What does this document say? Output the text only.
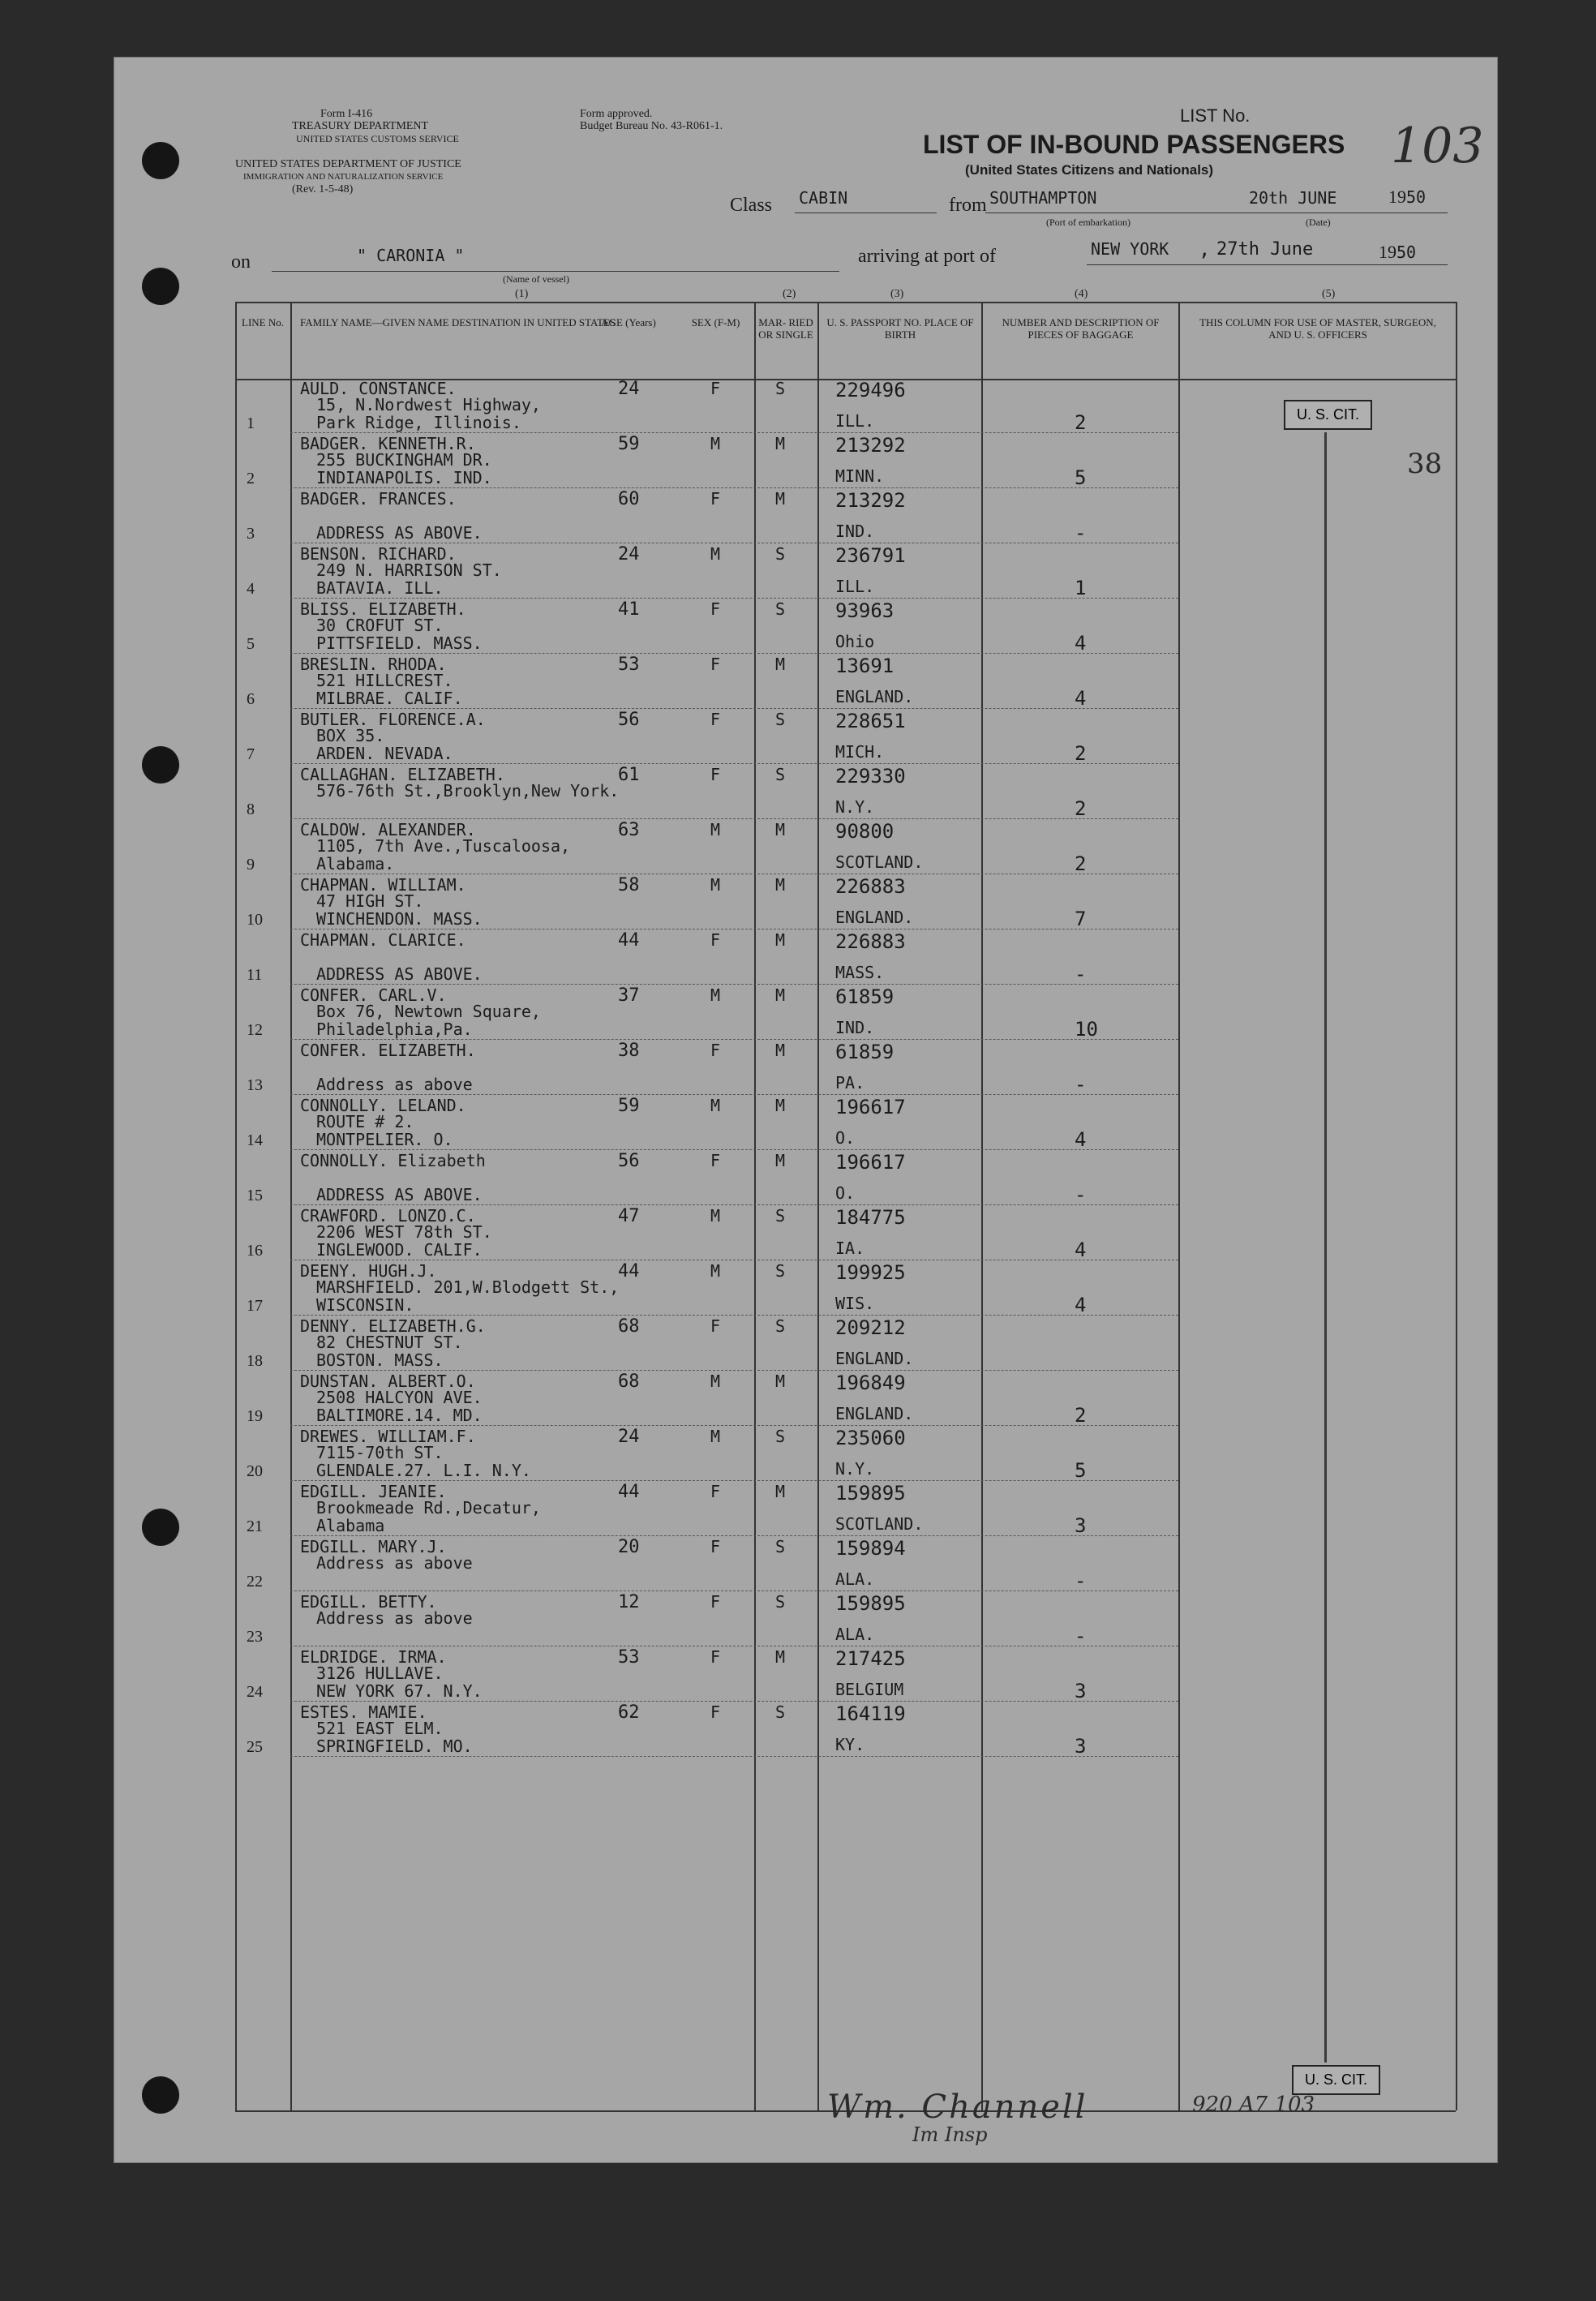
Form I-416
TREASURY DEPARTMENT
UNITED STATES CUSTOMS SERVICE
UNITED STATES DEPARTMENT OF JUSTICE
IMMIGRATION AND NATURALIZATION SERVICE
(Rev. 1-5-48)
Form approved.
Budget Bureau No. 43-R061-1.
LIST No.
103
LIST OF IN-BOUND PASSENGERS
(United States Citizens and Nationals)
Class CABIN	from SOUTHAMPTON	20th JUNE	1950
(Port of embarkation)	(Date)
on	" CARONIA "
(Name of vessel)
arriving at port of	NEW YORK , 27th June	1950
(1)	(2)	(3)	(4)	(5)
LINE No.	FAMILY NAME—GIVEN NAME DESTINATION IN UNITED STATES
AGE (Years)	SEX (F-M)	MAR- RIED OR SINGLE
U. S. PASSPORT NO. PLACE OF BIRTH
NUMBER AND DESCRIPTION OF PIECES OF BAGGAGE
THIS COLUMN FOR USE OF MASTER, SURGEON, AND U. S. OFFICERS
1
AULD. CONSTANCE.
15, N.Nordwest Highway,
Park Ridge, Illinois.
24	F	S	229496
ILL.	2
2
BADGER. KENNETH.R.
255 BUCKINGHAM DR.
INDIANAPOLIS. IND.
59	M	M	213292
MINN.	5
3
BADGER. FRANCES.
ADDRESS AS ABOVE.
60	F	M	213292
IND.	-
4
BENSON. RICHARD.
249 N. HARRISON ST.
BATAVIA. ILL.
24	M	S	236791
ILL.	1
5
BLISS. ELIZABETH.
30 CROFUT ST.
PITTSFIELD. MASS.
41	F	S	93963
Ohio	4
6
BRESLIN. RHODA.
521 HILLCREST.
MILBRAE. CALIF.
53	F	M	13691
ENGLAND.	4
7
BUTLER. FLORENCE.A.
BOX 35.
ARDEN. NEVADA.
56	F	S	228651
MICH.	2
8
CALLAGHAN. ELIZABETH.
576-76th St.,Brooklyn,New York.
61	F	S	229330
N.Y.	2
9
CALDOW. ALEXANDER.
1105, 7th Ave.,Tuscaloosa,
Alabama.
63	M	M	90800
SCOTLAND.	2
10
CHAPMAN. WILLIAM.
47 HIGH ST.
WINCHENDON. MASS.
58	M	M	226883
ENGLAND.	7
11
CHAPMAN. CLARICE.
ADDRESS AS ABOVE.
44	F	M	226883
MASS.	-
12
CONFER. CARL.V.
Box 76, Newtown Square,
Philadelphia,Pa.
37	M	M	61859
IND.	10
13
CONFER. ELIZABETH.
Address as above
38	F	M	61859
PA.	-
14
CONNOLLY. LELAND.
ROUTE # 2.
MONTPELIER. O.
59	M	M	196617
O.	4
15
CONNOLLY. Elizabeth
ADDRESS AS ABOVE.
56	F	M	196617
O.	-
16
CRAWFORD. LONZO.C.
2206 WEST 78th ST.
INGLEWOOD. CALIF.
47	M	S	184775
IA.	4
17
DEENY. HUGH.J.
MARSHFIELD. 201,W.Blodgett St.,
WISCONSIN.
44	M	S	199925
WIS.	4
18
DENNY. ELIZABETH.G.
82 CHESTNUT ST.
BOSTON. MASS.
68	F	S	209212
ENGLAND.
19
DUNSTAN. ALBERT.O.
2508 HALCYON AVE.
BALTIMORE.14. MD.
68	M	M	196849
ENGLAND.	2
20
DREWES. WILLIAM.F.
7115-70th ST.
GLENDALE.27. L.I. N.Y.
24	M	S	235060
N.Y.	5
21
EDGILL. JEANIE.
Brookmeade Rd.,Decatur,
Alabama
44	F	M	159895
SCOTLAND.	3
22
EDGILL. MARY.J.
Address as above
20	F	S	159894
ALA.	-
23
EDGILL. BETTY.
Address as above
12	F	S	159895
ALA.	-
24
ELDRIDGE. IRMA.
3126 HULLAVE.
NEW YORK 67. N.Y.
53	F	M	217425
BELGIUM	3
25
ESTES. MAMIE.
521 EAST ELM.
SPRINGFIELD. MO.
62	F	S	164119
KY.	3
U. S. CIT.
38
U. S. CIT.
Wm. Channell
Im Insp
920 A7 103
